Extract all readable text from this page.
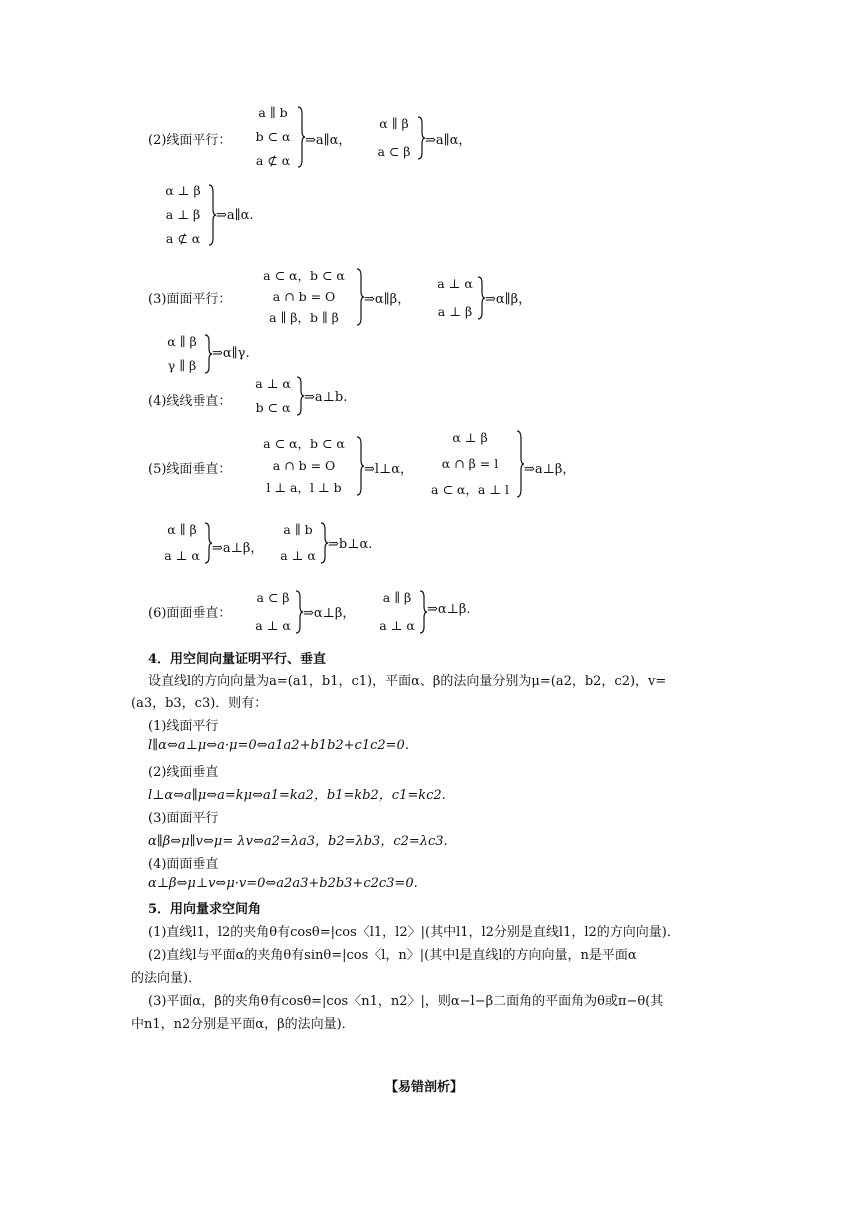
(2)线面平行：
a ∥ b
b ⊂ α
a ⊄ α
⇒a∥α，
α ∥ β
a ⊂ β
⇒a∥α，
α ⊥ β
a ⊥ β
a ⊄ α
⇒a∥α.
(3)面面平行：
a ⊂ α，b ⊂ α
a ∩ b = O
a ∥ β，b ∥ β
⇒α∥β，
a ⊥ α
a ⊥ β
⇒α∥β，
α ∥ β
γ ∥ β
⇒α∥γ.
(4)线线垂直：
a ⊥ α
b ⊂ α
⇒a⊥b.
(5)线面垂直：
a ⊂ α，b ⊂ α
a ∩ b = O
l ⊥ a，l ⊥ b
⇒l⊥α，
α ⊥ β
α ∩ β = l
a ⊂ α，a ⊥ l
⇒a⊥β，
α ∥ β
a ⊥ α ⇒a⊥β，
a ∥ b
a ⊥ α
⇒b⊥α.
(6)面面垂直：
a ⊂ β
a ⊥ α
⇒α⊥β，
a ∥ β
a ⊥ α
⇒α⊥β.
4．用空间向量证明平行、垂直
设直线l的方向向量为a=(a1，b1，c1)，平面α、β的法向量分别为μ=(a2，b2，c2)，v=
(a3，b3，c3)．则有：
(1)线面平行
l∥α⇔a⊥μ⇔a·μ=0⇔a1a2+b1b2+c1c2=0.
(2)线面垂直
l⊥α⇔a∥μ⇔a=kμ⇔a1=ka2，b1=kb2，c1=kc2.
(3)面面平行
α∥β⇔μ∥v⇔μ= λv⇔a2=λa3，b2=λb3，c2=λc3.
(4)面面垂直
α⊥β⇔μ⊥v⇔μ·v=0⇔a2a3+b2b3+c2c3=0.
5．用向量求空间角
(1)直线l1，l2的夹角θ有cosθ=|cos〈l1，l2〉|(其中l1，l2分别是直线l1，l2的方向向量)．
(2)直线l与平面α的夹角θ有sinθ=|cos〈l，n〉|(其中l是直线l的方向向量，n是平面α
的法向量)．
(3)平面α，β的夹角θ有cosθ=|cos〈n1，n2〉|，则α−l−β二面角的平面角为θ或π−θ(其
中n1，n2分别是平面α，β的法向量)．
【易错剖析】
